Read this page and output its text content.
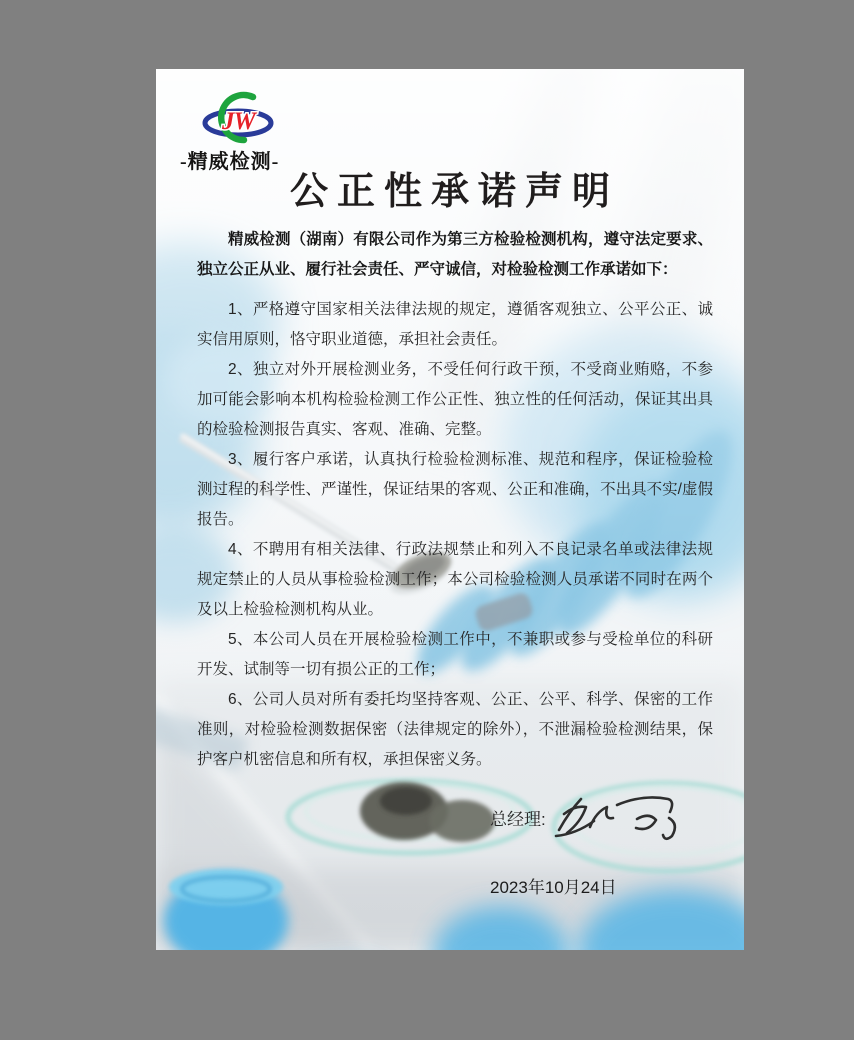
JW
-精威检测-
公正性承诺声明

精威检测（湖南）有限公司作为第三方检验检测机构，遵守法定要求、独立公正从业、履行社会责任、严守诚信，对检验检测工作承诺如下：

1、严格遵守国家相关法律法规的规定，遵循客观独立、公平公正、诚实信用原则，恪守职业道德，承担社会责任。

2、独立对外开展检测业务，不受任何行政干预，不受商业贿赂，不参加可能会影响本机构检验检测工作公正性、独立性的任何活动，保证其出具的检验检测报告真实、客观、准确、完整。

3、履行客户承诺，认真执行检验检测标准、规范和程序，保证检验检测过程的科学性、严谨性，保证结果的客观、公正和准确，不出具不实/虚假报告。

4、不聘用有相关法律、行政法规禁止和列入不良记录名单或法律法规规定禁止的人员从事检验检测工作；本公司检验检测人员承诺不同时在两个及以上检验检测机构从业。

5、本公司人员在开展检验检测工作中，不兼职或参与受检单位的科研开发、试制等一切有损公正的工作；

6、公司人员对所有委托均坚持客观、公正、公平、科学、保密的工作准则，对检验检测数据保密（法律规定的除外），不泄漏检验检测结果，保护客户机密信息和所有权，承担保密义务。

总经理:
2023年10月24日
